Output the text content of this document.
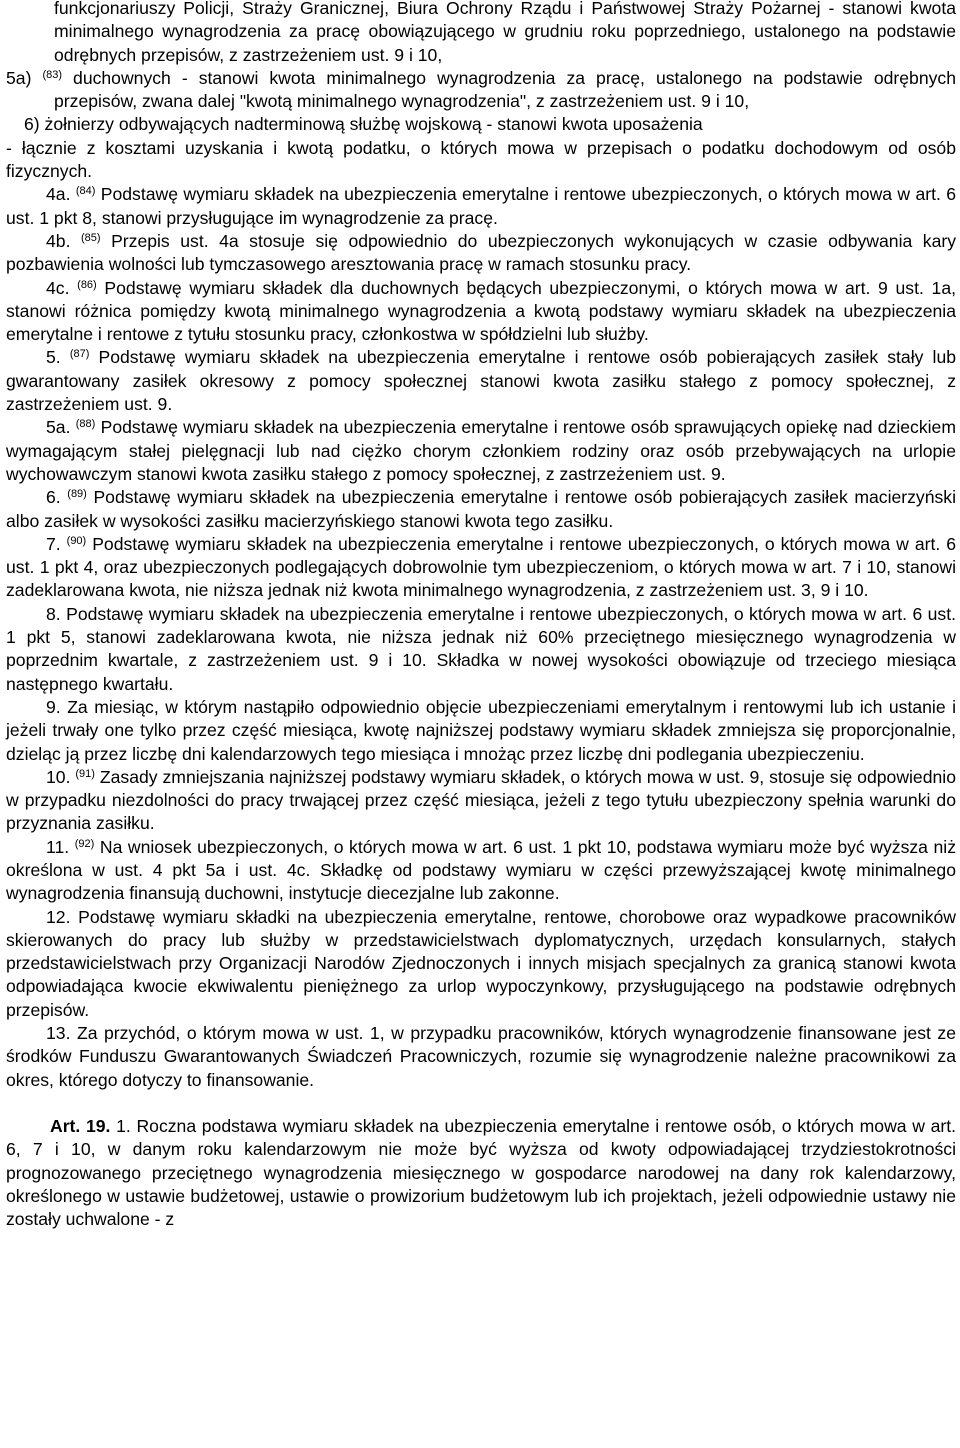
funkcjonariuszy Policji, Straży Granicznej, Biura Ochrony Rządu i Państwowej Straży Pożarnej - stanowi kwota minimalnego wynagrodzenia za pracę obowiązującego w grudniu roku poprzedniego, ustalonego na podstawie odrębnych przepisów, z zastrzeżeniem ust. 9 i 10,

5a) $^{(83)}$ duchownych - stanowi kwota minimalnego wynagrodzenia za pracę, ustalonego na podstawie odrębnych przepisów, zwana dalej "kwotą minimalnego wynagrodzenia", z zastrzeżeniem ust. 9 i 10,

6) żołnierzy odbywających nadterminową służbę wojskową - stanowi kwota uposażenia
- łącznie z kosztami uzyskania i kwotą podatku, o których mowa w przepisach o podatku dochodowym od osób fizycznych.

4a. $^{(84)}$ Podstawę wymiaru składek na ubezpieczenia emerytalne i rentowe ubezpieczonych, o których mowa w art. 6 ust. 1 pkt 8, stanowi przysługujące im wynagrodzenie za pracę.

4b. $^{(85)}$ Przepis ust. 4a stosuje się odpowiednio do ubezpieczonych wykonujących w czasie odbywania kary pozbawienia wolności lub tymczasowego aresztowania pracę w ramach stosunku pracy.

4c. $^{(86)}$ Podstawę wymiaru składek dla duchownych będących ubezpieczonymi, o których mowa w art. 9 ust. 1a, stanowi różnica pomiędzy kwotą minimalnego wynagrodzenia a kwotą podstawy wymiaru składek na ubezpieczenia emerytalne i rentowe z tytułu stosunku pracy, członkostwa w spółdzielni lub służby.

5. $^{(87)}$ Podstawę wymiaru składek na ubezpieczenia emerytalne i rentowe osób pobierających zasiłek stały lub gwarantowany zasiłek okresowy z pomocy społecznej stanowi kwota zasiłku stałego z pomocy społecznej, z zastrzeżeniem ust. 9.

5a. $^{(88)}$ Podstawę wymiaru składek na ubezpieczenia emerytalne i rentowe osób sprawujących opiekę nad dzieckiem wymagającym stałej pielęgnacji lub nad ciężko chorym członkiem rodziny oraz osób przebywających na urlopie wychowawczym stanowi kwota zasiłku stałego z pomocy społecznej, z zastrzeżeniem ust. 9.

6. $^{(89)}$ Podstawę wymiaru składek na ubezpieczenia emerytalne i rentowe osób pobierających zasiłek macierzyński albo zasiłek w wysokości zasiłku macierzyńskiego stanowi kwota tego zasiłku.

7. $^{(90)}$ Podstawę wymiaru składek na ubezpieczenia emerytalne i rentowe ubezpieczonych, o których mowa w art. 6 ust. 1 pkt 4, oraz ubezpieczonych podlegających dobrowolnie tym ubezpieczeniom, o których mowa w art. 7 i 10, stanowi zadeklarowana kwota, nie niższa jednak niż kwota minimalnego wynagrodzenia, z zastrzeżeniem ust. 3, 9 i 10.

8. Podstawę wymiaru składek na ubezpieczenia emerytalne i rentowe ubezpieczonych, o których mowa w art. 6 ust. 1 pkt 5, stanowi zadeklarowana kwota, nie niższa jednak niż 60% przeciętnego miesięcznego wynagrodzenia w poprzednim kwartale, z zastrzeżeniem ust. 9 i 10. Składka w nowej wysokości obowiązuje od trzeciego miesiąca następnego kwartału.

9. Za miesiąc, w którym nastąpiło odpowiednio objęcie ubezpieczeniami emerytalnym i rentowymi lub ich ustanie i jeżeli trwały one tylko przez część miesiąca, kwotę najniższej podstawy wymiaru składek zmniejsza się proporcjonalnie, dzieląc ją przez liczbę dni kalendarzowych tego miesiąca i mnożąc przez liczbę dni podlegania ubezpieczeniu.

10. $^{(91)}$ Zasady zmniejszania najniższej podstawy wymiaru składek, o których mowa w ust. 9, stosuje się odpowiednio w przypadku niezdolności do pracy trwającej przez część miesiąca, jeżeli z tego tytułu ubezpieczony spełnia warunki do przyznania zasiłku.

11. $^{(92)}$ Na wniosek ubezpieczonych, o których mowa w art. 6 ust. 1 pkt 10, podstawa wymiaru może być wyższa niż określona w ust. 4 pkt 5a i ust. 4c. Składkę od podstawy wymiaru w części przewyższającej kwotę minimalnego wynagrodzenia finansują duchowni, instytucje diecezjalne lub zakonne.

12. Podstawę wymiaru składki na ubezpieczenia emerytalne, rentowe, chorobowe oraz wypadkowe pracowników skierowanych do pracy lub służby w przedstawicielstwach dyplomatycznych, urzędach konsularnych, stałych przedstawicielstwach przy Organizacji Narodów Zjednoczonych i innych misjach specjalnych za granicą stanowi kwota odpowiadająca kwocie ekwiwalentu pieniężnego za urlop wypoczynkowy, przysługującego na podstawie odrębnych przepisów.

13. Za przychód, o którym mowa w ust. 1, w przypadku pracowników, których wynagrodzenie finansowane jest ze środków Funduszu Gwarantowanych Świadczeń Pracowniczych, rozumie się wynagrodzenie należne pracownikowi za okres, którego dotyczy to finansowanie.

Art. 19. 1. Roczna podstawa wymiaru składek na ubezpieczenia emerytalne i rentowe osób, o których mowa w art. 6, 7 i 10, w danym roku kalendarzowym nie może być wyższa od kwoty odpowiadającej trzydziestokrotności prognozowanego przeciętnego wynagrodzenia miesięcznego w gospodarce narodowej na dany rok kalendarzowy, określonego w ustawie budżetowej, ustawie o prowizorium budżetowym lub ich projektach, jeżeli odpowiednie ustawy nie zostały uchwalone - z
